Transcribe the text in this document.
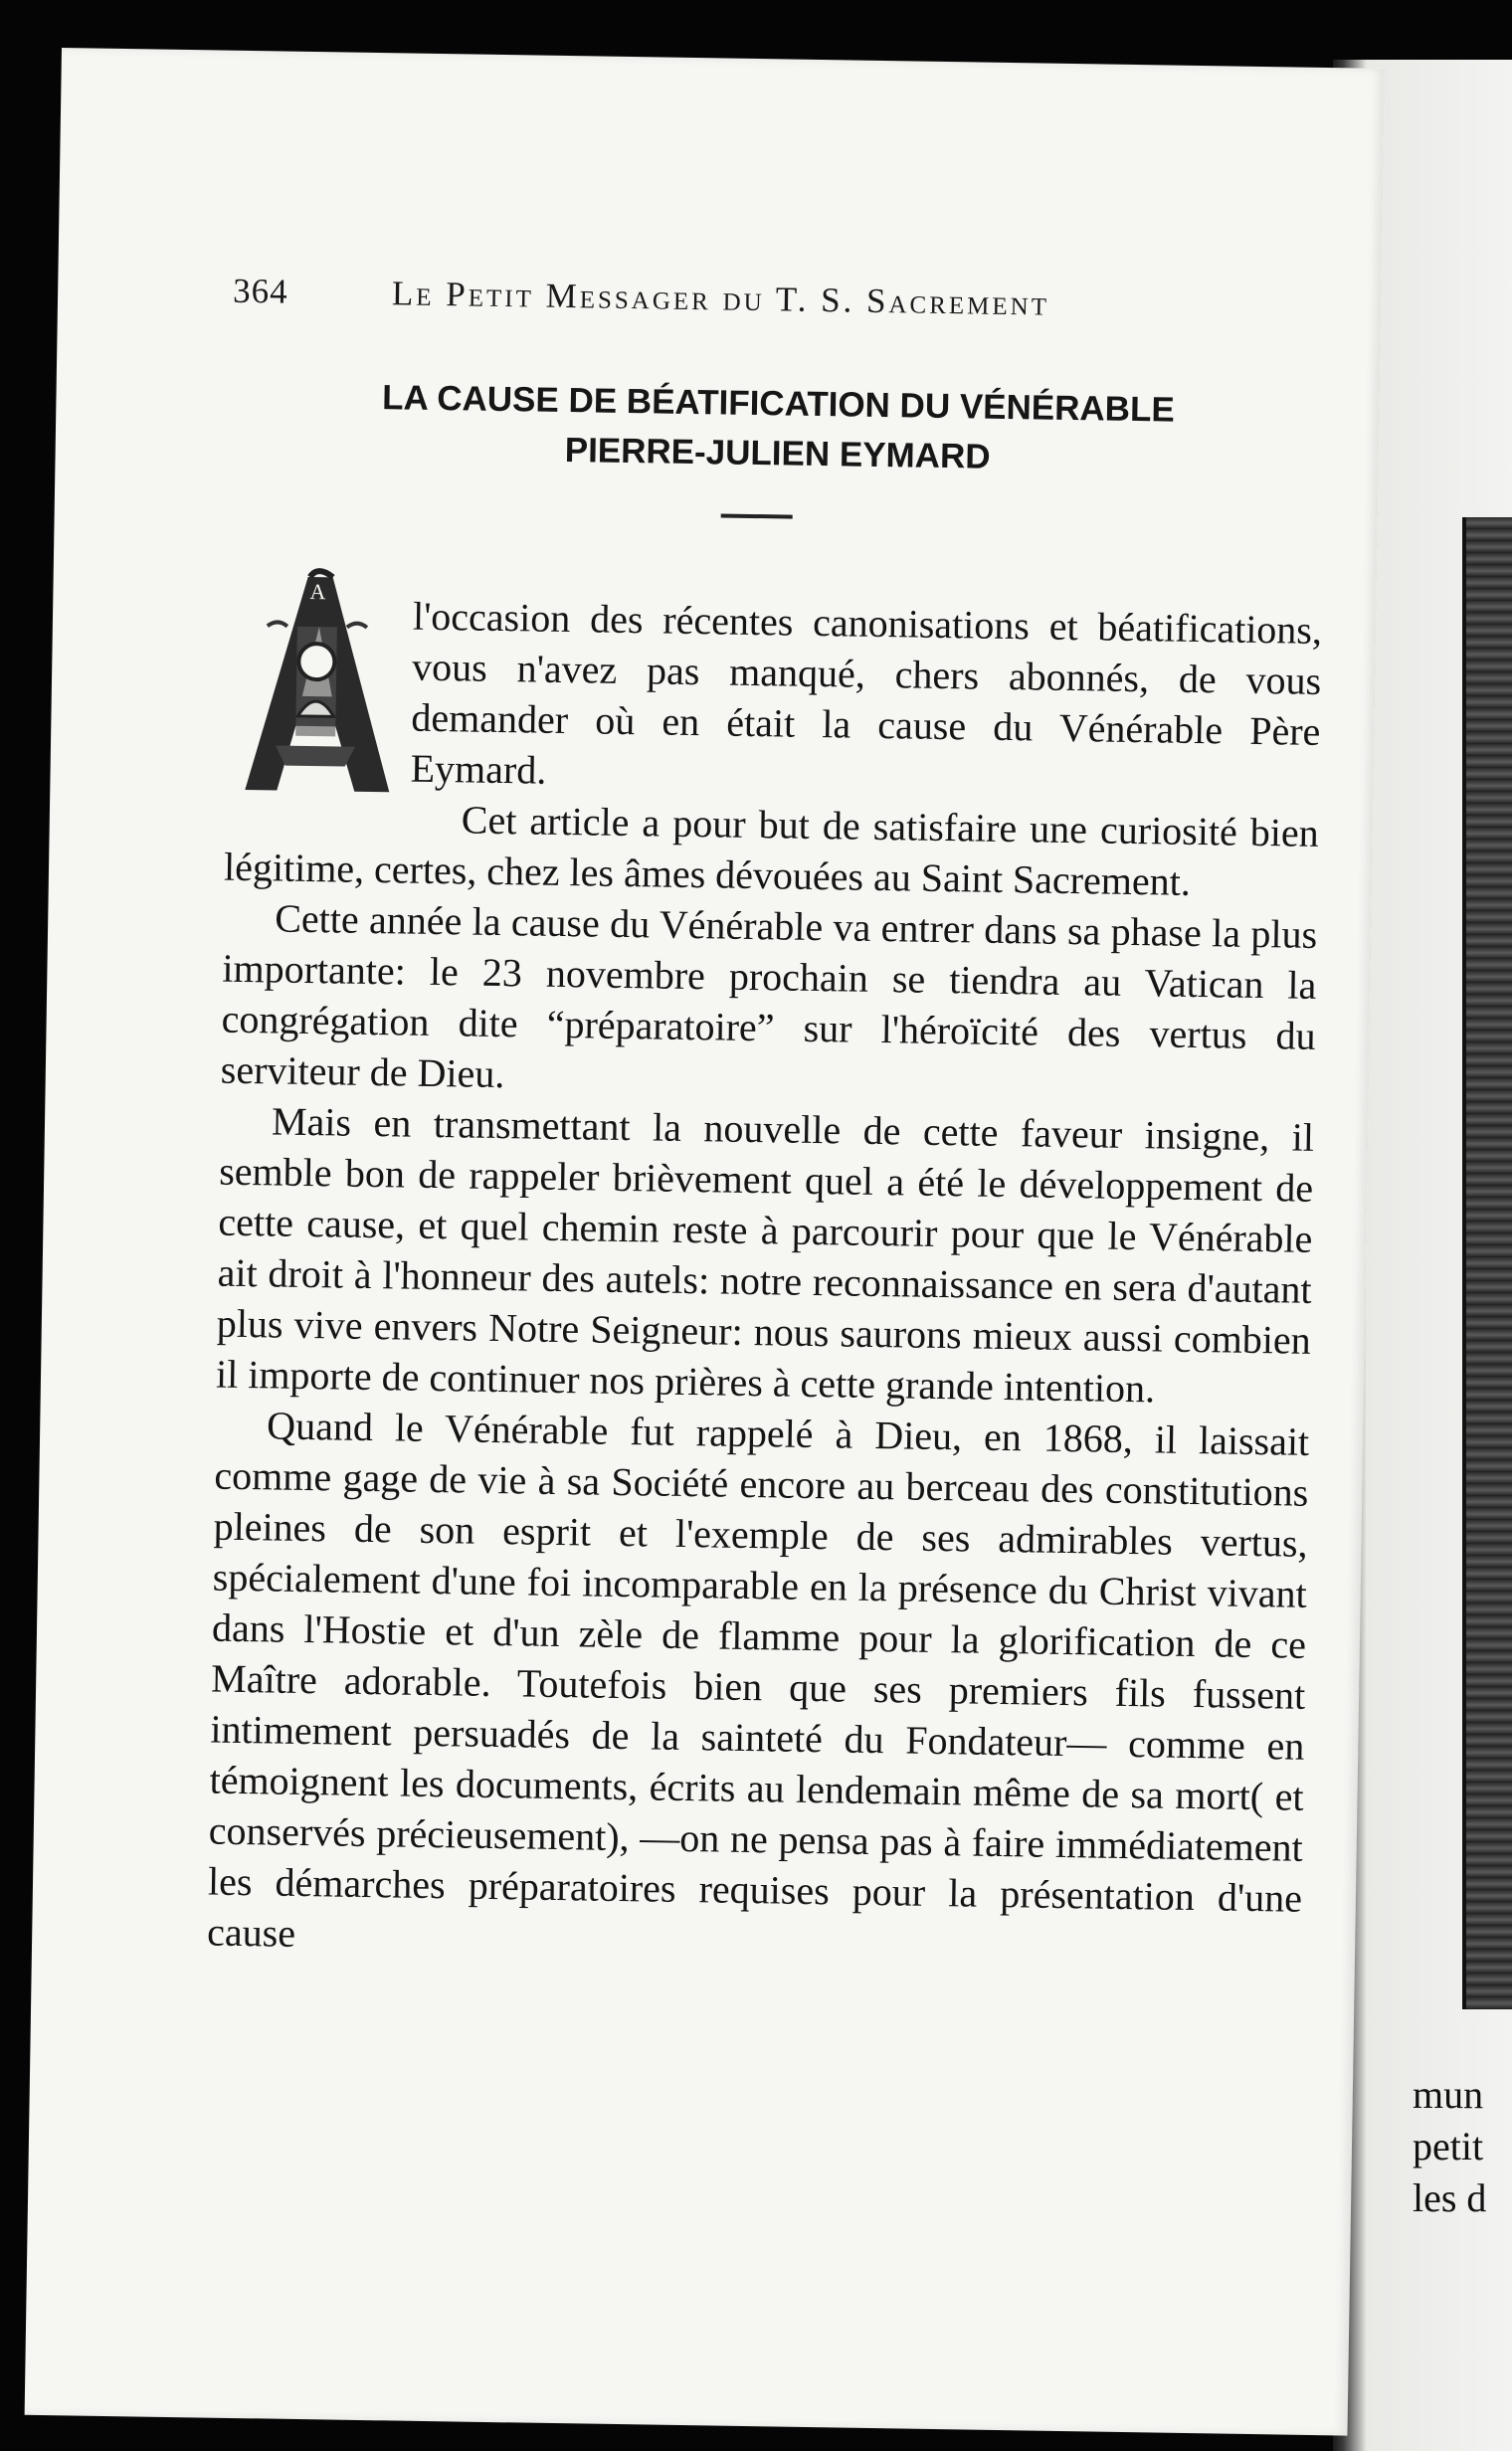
mun
petit
les d
364	Le Petit Messager du T. S. Sacrement
LA CAUSE DE BÉATIFICATION DU VÉNÉRABLE
PIERRE-JULIEN EYMARD
A

l'occasion des récentes canonisations et béatifications, vous n'avez pas manqué, chers abonnés, de vous demander où en était la cause du Vénérable Père Eymard.

Cet article a pour but de satisfaire une curiosité bien légitime, certes, chez les âmes dévouées au Saint Sacrement.

Cette année la cause du Vénérable va entrer dans sa phase la plus importante: le 23 novembre prochain se tiendra au Vatican la congrégation dite “préparatoire” sur l'héroïcité des vertus du serviteur de Dieu.

Mais en transmettant la nouvelle de cette faveur insigne, il semble bon de rappeler brièvement quel a été le développement de cette cause, et quel chemin reste à parcourir pour que le Vénérable ait droit à l'honneur des autels: notre reconnaissance en sera d'autant plus vive envers Notre Seigneur: nous saurons mieux aussi combien il importe de continuer nos prières à cette grande intention.

Quand le Vénérable fut rappelé à Dieu, en 1868, il laissait comme gage de vie à sa Société encore au berceau des constitutions pleines de son esprit et l'exemple de ses admirables vertus, spécialement d'une foi incomparable en la présence du Christ vivant dans l'Hostie et d'un zèle de flamme pour la glorification de ce Maître adorable. Toutefois bien que ses premiers fils fussent intimement persuadés de la sainteté du Fondateur— comme en témoignent les documents, écrits au lendemain même de sa mort( et conservés précieusement), —on ne pensa pas à faire immédiatement les démarches préparatoires requises pour la présentation d'une cause
